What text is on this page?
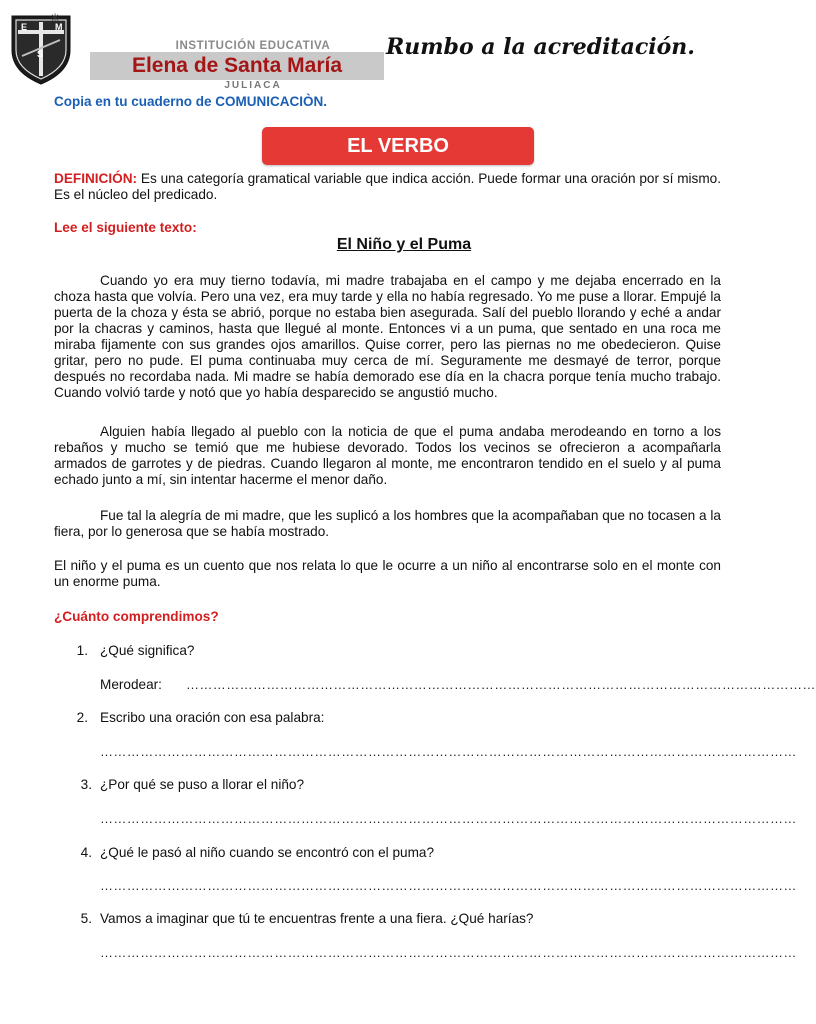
E	M
S
✳
INSTITUCIÓN EDUCATIVA
Elena de Santa María
JULIACA
Rumbo a la acreditación.
Copia en tu cuaderno de COMUNICACIÒN.
EL VERBO
DEFINICIÓN: Es una categoría gramatical variable que indica acción. Puede formar una oración por sí mismo. Es el núcleo del predicado.
Lee el siguiente texto:
El Niño y el Puma
Cuando yo era muy tierno todavía, mi madre trabajaba en el campo y me dejaba encerrado en la choza hasta que volvía. Pero una vez, era muy tarde y ella no había regresado. Yo me puse a llorar. Empujé la puerta de la choza y ésta se abrió, porque no estaba bien asegurada. Salí del pueblo llorando y eché a andar por la chacras y caminos, hasta que llegué al monte. Entonces vi a un puma, que sentado en una roca me miraba fijamente con sus grandes ojos amarillos. Quise correr, pero las piernas no me obedecieron. Quise gritar, pero no pude. El puma continuaba muy cerca de mí. Seguramente me desmayé de terror, porque después no recordaba nada. Mi madre se había demorado ese día en la chacra porque tenía mucho trabajo. Cuando volvió tarde y notó que yo había desparecido se angustió mucho.
Alguien había llegado al pueblo con la noticia de que el puma andaba merodeando en torno a los rebaños y mucho se temió que me hubiese devorado. Todos los vecinos se ofrecieron a acompañarla armados de garrotes y de piedras. Cuando llegaron al monte, me encontraron tendido en el suelo y al puma echado junto a mí, sin intentar hacerme el menor daño.
Fue tal la alegría de mi madre, que les suplicó a los hombres que la acompañaban que no tocasen a la fiera, por lo generosa que se había mostrado.
El niño y el puma es un cuento que nos relata lo que le ocurre a un niño al encontrarse solo en el monte con un enorme puma.
¿Cuánto comprendimos?
1. ¿Qué significa?
Merodear: ……………………………………………………………………………………………………………………………
2. Escribo una oración con esa palabra:
…………………………………………………………………………………………………………………………………………
3. ¿Por qué se puso a llorar el niño?
…………………………………………………………………………………………………………………………………………
4. ¿Qué le pasó al niño cuando se encontró con el puma?
…………………………………………………………………………………………………………………………………………
5. Vamos a imaginar que tú te encuentras frente a una fiera. ¿Qué harías?
…………………………………………………………………………………………………………………………………………
